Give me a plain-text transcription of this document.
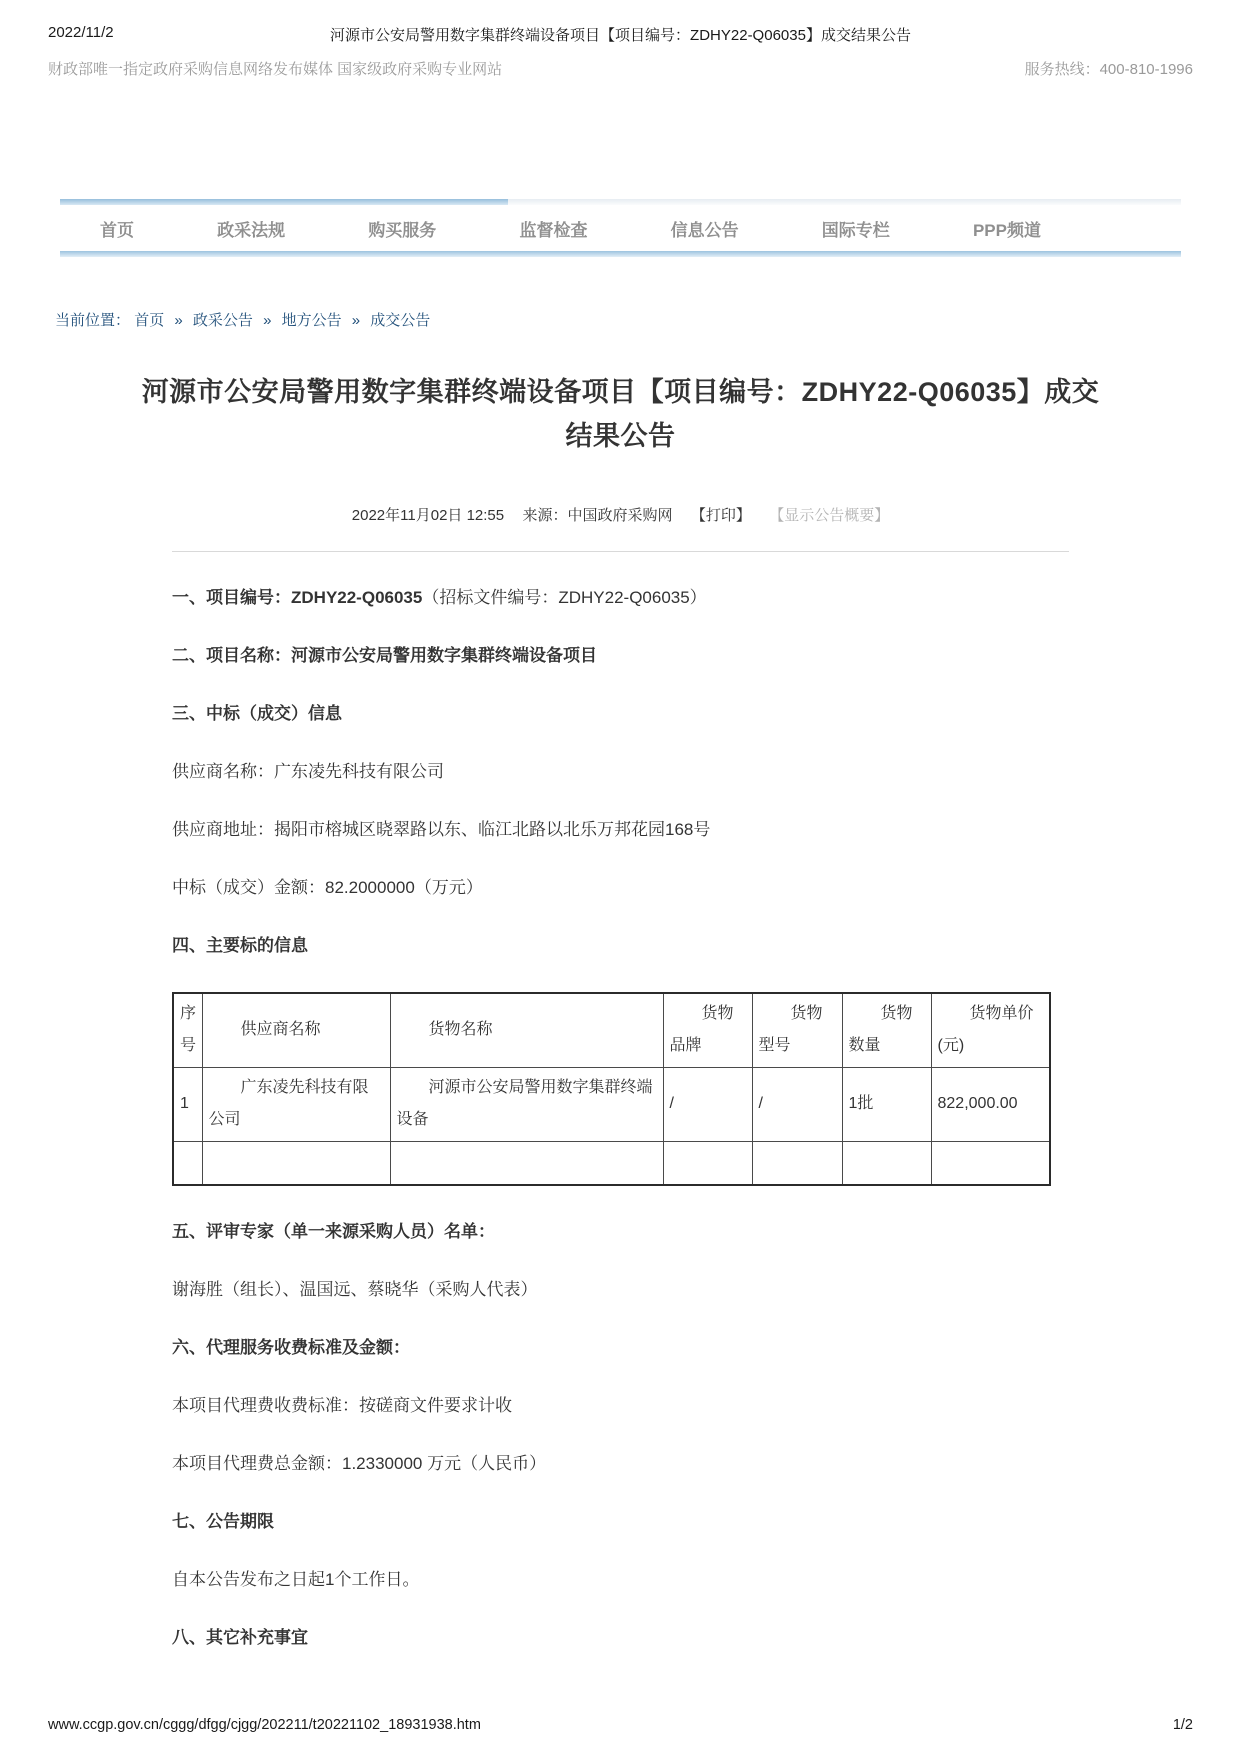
2022/11/2	河源市公安局警用数字集群终端设备项目【项目编号：ZDHY22-Q06035】成交结果公告
财政部唯一指定政府采购信息网络发布媒体 国家级政府采购专业网站	服务热线：400-810-1996
首页	政采法规	购买服务	监督检查	信息公告	国际专栏	PPP频道
当前位置： 首页 » 政采公告 » 地方公告 » 成交公告
河源市公安局警用数字集群终端设备项目【项目编号：ZDHY22-Q06035】成交结果公告
2022年11月02日 12:55 来源：中国政府采购网 【打印】 【显示公告概要】

一、项目编号：ZDHY22-Q06035（招标文件编号：ZDHY22-Q06035）

二、项目名称：河源市公安局警用数字集群终端设备项目

三、中标（成交）信息

供应商名称：广东凌先科技有限公司

供应商地址：揭阳市榕城区晓翠路以东、临江北路以北乐万邦花园168号

中标（成交）金额：82.2000000（万元）

四、主要标的信息

序号	供应商名称	货物名称	货物品牌	货物型号	货物数量	货物单价(元)
1	广东凌先科技有限公司	河源市公安局警用数字集群终端设备	/	/	1批	822,000.00

五、评审专家（单一来源采购人员）名单：

谢海胜（组长）、温国远、蔡晓华（采购人代表）

六、代理服务收费标准及金额：

本项目代理费收费标准：按磋商文件要求计收

本项目代理费总金额：1.2330000 万元（人民币）

七、公告期限

自本公告发布之日起1个工作日。

八、其它补充事宜

www.ccgp.gov.cn/cggg/dfgg/cjgg/202211/t20221102_18931938.htm	1/2
